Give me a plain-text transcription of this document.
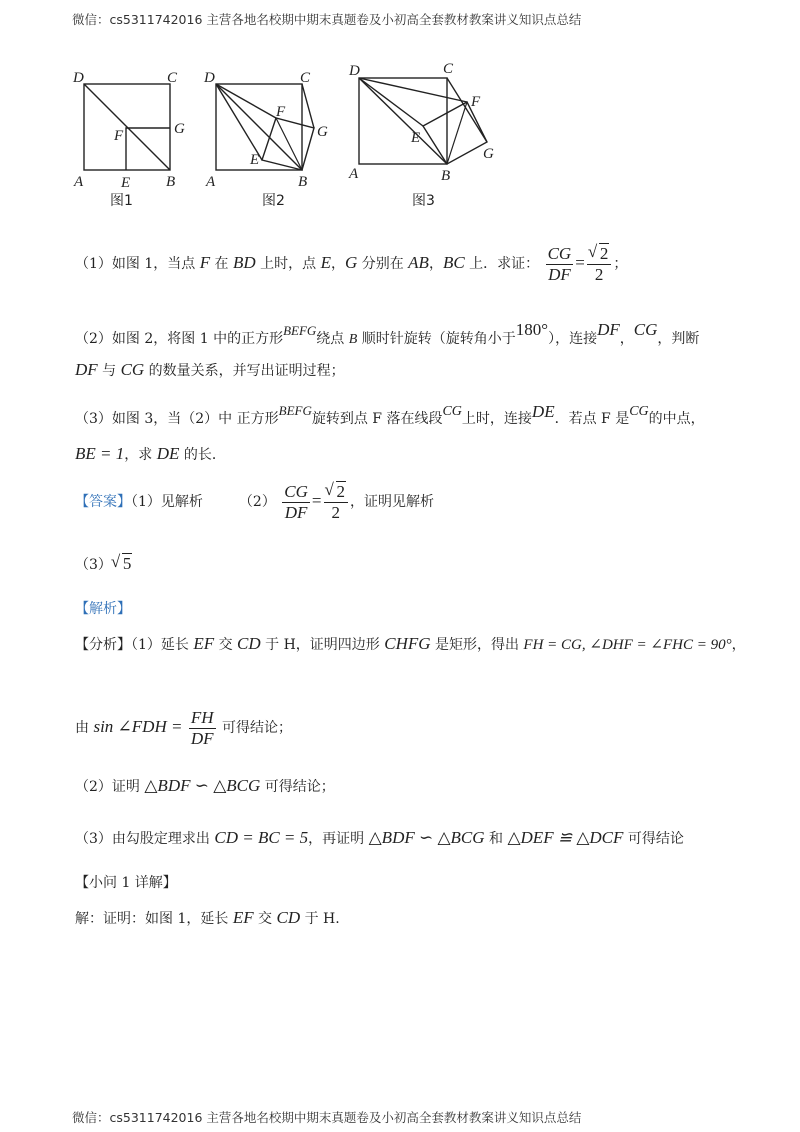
微信：cs5311742016 主营各地名校期中期末真题卷及小初高全套教材教案讲义知识点总结
D	C
A	B
E
F	G
图1
D	C
A	B
E
F
G
图2
D	C
A	B
E
F
G
图3
（1）如图 1，当点 F 在 BD 上时，点 E，G 分别在 AB，BC 上．求证： $\frac{CG}{DF}$ = √ $\frac{2}{2}$ ；
（2）如图 2，将图 1 中的正方形BEFG绕点 B 顺时针旋转（旋转角小于180°），连接DF，CG，判断
DF 与 CG 的数量关系，并写出证明过程；
（3）如图 3，当（2）中 正方形BEFG旋转到点 F 落在线段CG上时，连接DE．若点 F 是CG的中点，
BE = 1，求 DE 的长．
【答案】（1）见解析	$(2) \frac{CG}{DF}$ = √ $\frac{2}{2}$ ，证明见解析
（3） √ 5
【解析】
【分析】（1）延长 EF 交 CD 于 H，证明四边形 CHFG 是矩形，得出 FH = CG, ∠DHF = ∠FHC = 90°，
由 sin ∠FDH = $\frac{FH}{DF}$ 可得结论；
（2）证明 △BDF ∽ △BCG 可得结论；
（3）由勾股定理求出 CD = BC = 5，再证明 △BDF ∽ △BCG 和 △DEF ≌ △DCF 可得结论
【小问 1 详解】
解：证明：如图 1，延长 EF 交 CD 于 H.
微信：cs5311742016 主营各地名校期中期末真题卷及小初高全套教材教案讲义知识点总结
